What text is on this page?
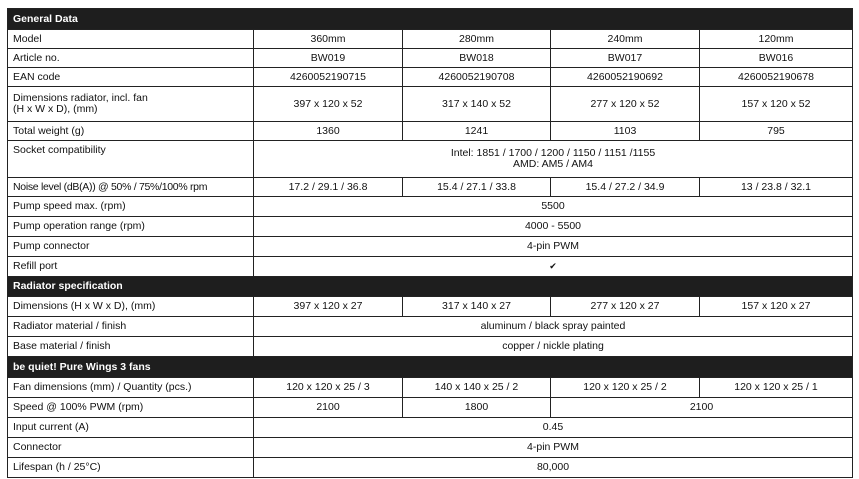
General Data				
Model	360mm	280mm	240mm	120mm
Article no.	BW019	BW018	BW017	BW016
EAN code	4260052190715	4260052190708	4260052190692	4260052190678

Dimensions radiator, incl. fan
(H x W x D), (mm)	397 x 120 x 52	317 x 140 x 52	277 x 120 x 52	157 x 120 x 52
Total weight (g)	1360	1241	1103	795
Socket compatibility	Intel: 1851 / 1700 / 1200 / 1150 / 1151 /1155
AMD: AM5 / AM4			

Noise level (dB(A)) @ 50% / 75%/100% rpm	17.2 / 29.1 / 36.8	15.4 / 27.1 / 33.8	15.4 / 27.2 / 34.9	13 / 23.8 / 32.1
Pump speed max. (rpm)	5500			
Pump operation range (rpm)	4000 - 5500			
Pump connector	4-pin PWM			
Refill port	✔			
Radiator specification				
Dimensions (H x W x D), (mm)	397 x 120 x 27	317 x 140 x 27	277 x 120 x 27	157 x 120 x 27
Radiator material / finish	aluminum / black spray painted			
Base material / finish	copper / nickle plating			
be quiet! Pure Wings 3 fans				
Fan dimensions (mm) / Quantity (pcs.)	120 x 120 x 25 / 3	140 x 140 x 25 / 2	120 x 120 x 25 / 2	120 x 120 x 25 / 1
Speed @ 100% PWM (rpm)	2100	1800	2100	
Input current (A)	0.45			
Connector	4-pin PWM			
Lifespan (h / 25°C)	80,000			
